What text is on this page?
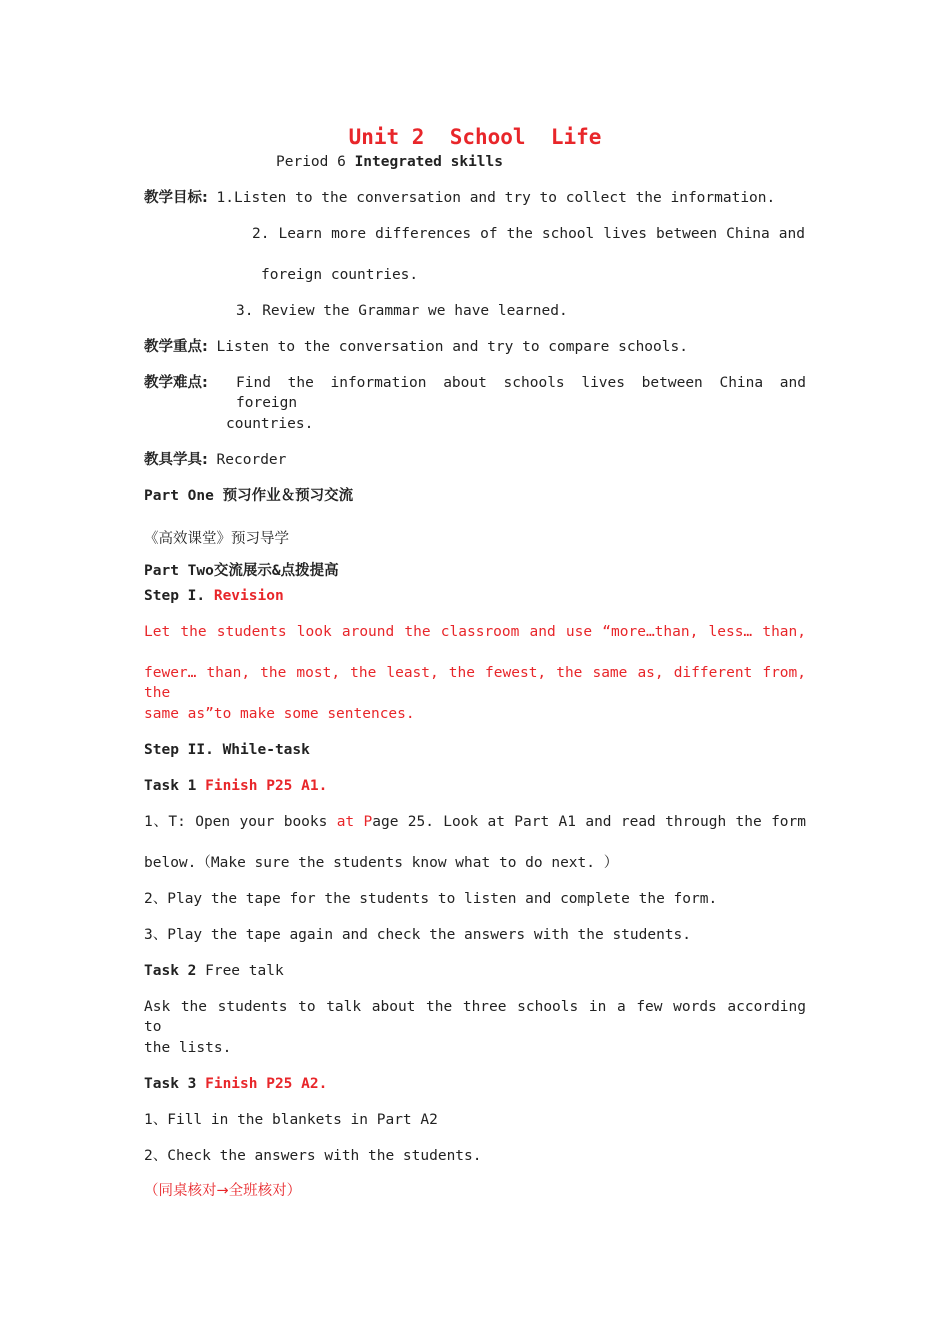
Unit 2  School  Life
Period 6 Integrated skills
教学目标: 1.Listen to the conversation and try to collect the information.
2. Learn more differences of the school lives between China and
foreign countries.
3. Review the Grammar we have learned.
教学重点: Listen to the conversation and try to compare schools.
教学难点: Find the information about schools lives between China and foreign
countries.
教具学具: Recorder
Part One 预习作业＆预习交流
《高效课堂》预习导学
Part Two交流展示&点拨提高
Step I. Revision
Let the students look around the classroom and use “more…than, less… than,
fewer… than, the most, the least, the fewest, the same as, different from, the
same as”to make some sentences.
Step II. While-task
Task 1 Finish P25 A1.
1、T: Open your books at Page 25. Look at Part A1 and read through the form
below.（Make sure the students know what to do next. ）
2、Play the tape for the students to listen and complete the form.
3、Play the tape again and check the answers with the students.
Task 2 Free talk
Ask the students to talk about the three schools in a few words according to
the lists.
Task 3 Finish P25 A2.
1、Fill in the blankets in Part A2
2、Check the answers with the students.
（同桌核对→全班核对）
